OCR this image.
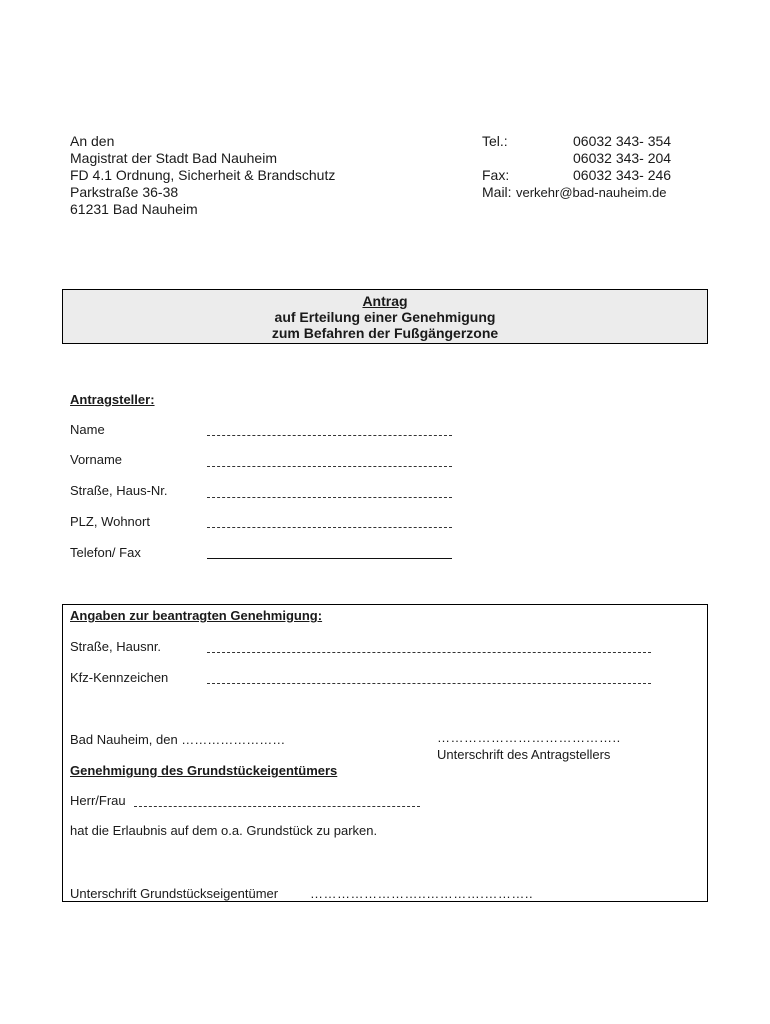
An den
Magistrat der Stadt Bad Nauheim
FD 4.1 Ordnung, Sicherheit & Brandschutz
Parkstraße 36-38
61231 Bad Nauheim
Tel.:	06032 343- 354
06032 343- 204
Fax:	06032 343- 246
Mail: verkehr@bad-nauheim.de
Antrag
auf Erteilung einer Genehmigung
zum Befahren der Fußgängerzone
Antragsteller:
Name
Vorname
Straße, Haus-Nr.
PLZ, Wohnort
Telefon/ Fax
Angaben zur beantragten Genehmigung:
Straße, Hausnr.
Kfz-Kennzeichen
Bad Nauheim, den ……………………	…………………………………..
Unterschrift des Antragstellers
Genehmigung des Grundstückeigentümers
Herr/Frau
hat die Erlaubnis auf dem o.a. Grundstück zu parken.
Unterschrift Grundstückseigentümer ……………………..………….………..
